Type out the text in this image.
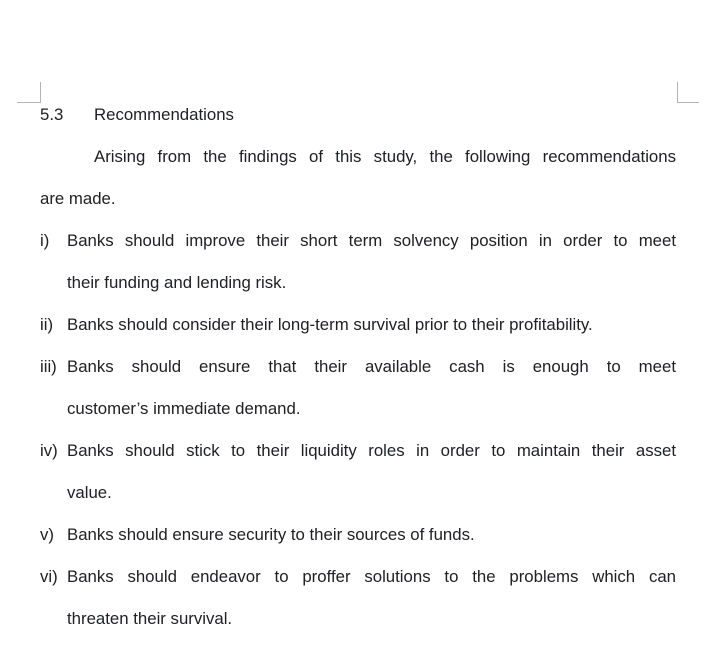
5.3 Recommendations
Arising from the findings of this study, the following recommendations
are made.
i) Banks should improve their short term solvency position in order to meet
their funding and lending risk.
ii) Banks should consider their long-term survival prior to their profitability.
iii) Banks should ensure that their available cash is enough to meet
customer’s immediate demand.
iv) Banks should stick to their liquidity roles in order to maintain their asset
value.
v) Banks should ensure security to their sources of funds.
vi) Banks should endeavor to proffer solutions to the problems which can
threaten their survival.
